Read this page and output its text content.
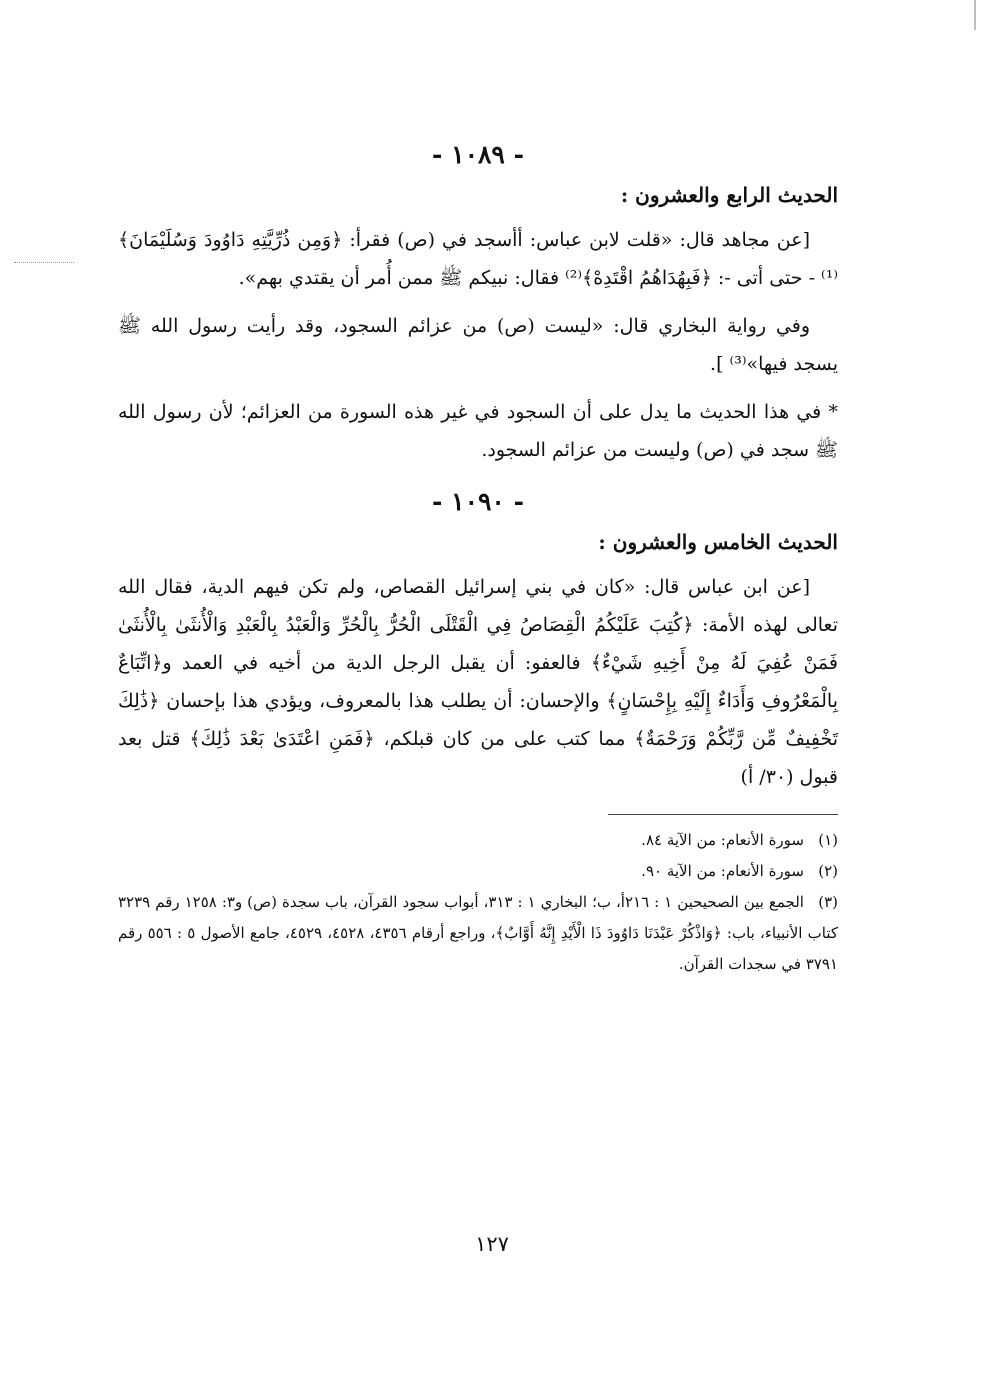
- ١٠٨٩ -
الحديث الرابع والعشرون :

[عن مجاهد قال: «قلت لابن عباس: أأسجد في (ص) فقرأ: ﴿وَمِن ذُرِّيَّتِهِ دَاوُودَ وَسُلَيْمَانَ﴾⁽¹⁾ - حتى أتى -: ﴿فَبِهُدَاهُمُ اقْتَدِهْ﴾⁽²⁾ فقال: نبيكم ﷺ ممن أُمر أن يقتدي بهم».

وفي رواية البخاري قال: «ليست (ص) من عزائم السجود، وقد رأيت رسول الله ﷺ يسجد فيها»⁽³⁾ ].

* في هذا الحديث ما يدل على أن السجود في غير هذه السورة من العزائم؛ لأن رسول الله ﷺ سجد في (ص) وليست من عزائم السجود.

- ١٠٩٠ -
الحديث الخامس والعشرون :

[عن ابن عباس قال: «كان في بني إسرائيل القصاص، ولم تكن فيهم الدية، فقال الله تعالى لهذه الأمة: ﴿كُتِبَ عَلَيْكُمُ الْقِصَاصُ فِي الْقَتْلَى الْحُرُّ بِالْحُرِّ وَالْعَبْدُ بِالْعَبْدِ وَالْأُنثَىٰ بِالْأُنثَىٰ فَمَنْ عُفِيَ لَهُ مِنْ أَخِيهِ شَيْءٌ﴾ فالعفو: أن يقبل الرجل الدية من أخيه في العمد و﴿اتِّبَاعٌ بِالْمَعْرُوفِ وَأَدَاءٌ إِلَيْهِ بِإِحْسَانٍ﴾ والإحسان: أن يطلب هذا بالمعروف، ويؤدي هذا بإحسان ﴿ذَٰلِكَ تَخْفِيفٌ مِّن رَّبِّكُمْ وَرَحْمَةٌ﴾ مما كتب على من كان قبلكم، ﴿فَمَنِ اعْتَدَىٰ بَعْدَ ذَٰلِكَ﴾ قتل بعد قبول (٣٠/ أ)

(١)سورة الأنعام: من الآية ٨٤.

(٢)سورة الأنعام: من الآية ٩٠.

(٣)الجمع بين الصحيحين ١ : ٢١٦أ، ب؛ البخاري ١ : ٣١٣، أبواب سجود القرآن، باب سجدة (ص) و٣: ١٢٥٨ رقم ٣٢٣٩ كتاب الأنبياء، باب: ﴿وَاذْكُرْ عَبْدَنَا دَاوُودَ ذَا الْأَيْدِ إِنَّهُ أَوَّابٌ﴾، وراجع أرقام ٤٣٥٦، ٤٥٢٨، ٤٥٢٩، جامع الأصول ٥ : ٥٥٦ رقم ٣٧٩١ في سجدات القرآن.

١٢٧
